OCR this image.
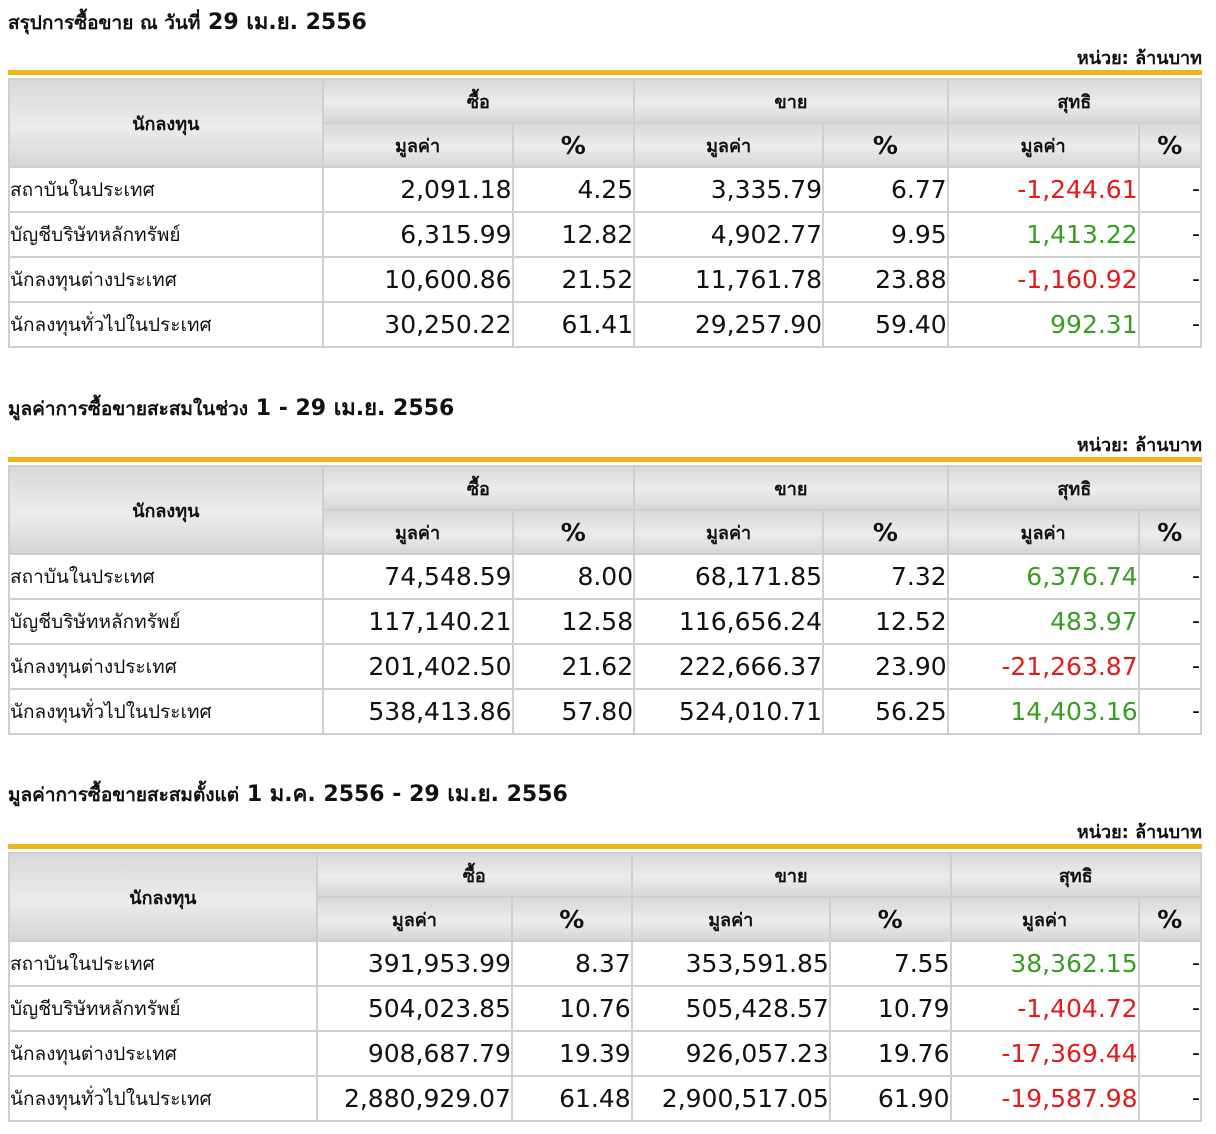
สรุปการซื้อขาย ณ วันที่ 29 เม.ย. 2556
หน่วย: ล้านบาท
นักลงทุน	ซื้อ		ขาย		สุทธิ	
	มูลค่า	%	มูลค่า	%	มูลค่า	%
สถาบันในประเทศ	2,091.18	4.25	3,335.79	6.77	-1,244.61	-
บัญชีบริษัทหลักทรัพย์	6,315.99	12.82	4,902.77	9.95	1,413.22	-
นักลงทุนต่างประเทศ	10,600.86	21.52	11,761.78	23.88	-1,160.92	-
นักลงทุนทั่วไปในประเทศ	30,250.22	61.41	29,257.90	59.40	992.31	-
มูลค่าการซื้อขายสะสมในช่วง 1 - 29 เม.ย. 2556
หน่วย: ล้านบาท
นักลงทุน	ซื้อ		ขาย		สุทธิ	
	มูลค่า	%	มูลค่า	%	มูลค่า	%
สถาบันในประเทศ	74,548.59	8.00	68,171.85	7.32	6,376.74	-
บัญชีบริษัทหลักทรัพย์	117,140.21	12.58	116,656.24	12.52	483.97	-
นักลงทุนต่างประเทศ	201,402.50	21.62	222,666.37	23.90	-21,263.87	-
นักลงทุนทั่วไปในประเทศ	538,413.86	57.80	524,010.71	56.25	14,403.16	-
มูลค่าการซื้อขายสะสมตั้งแต่ 1 ม.ค. 2556 - 29 เม.ย. 2556
หน่วย: ล้านบาท
นักลงทุน	ซื้อ		ขาย		สุทธิ	
	มูลค่า	%	มูลค่า	%	มูลค่า	%
สถาบันในประเทศ	391,953.99	8.37	353,591.85	7.55	38,362.15	-
บัญชีบริษัทหลักทรัพย์	504,023.85	10.76	505,428.57	10.79	-1,404.72	-
นักลงทุนต่างประเทศ	908,687.79	19.39	926,057.23	19.76	-17,369.44	-
นักลงทุนทั่วไปในประเทศ	2,880,929.07	61.48	2,900,517.05	61.90	-19,587.98	-
